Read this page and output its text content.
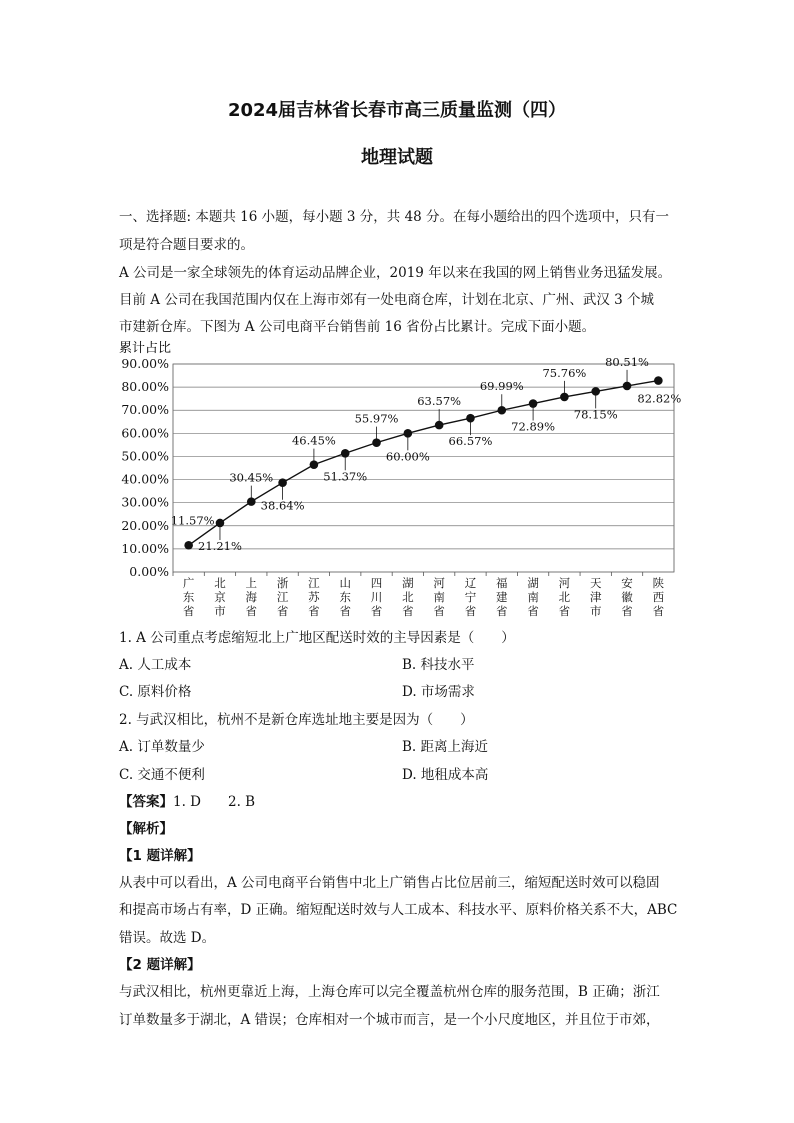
2024届吉林省长春市高三质量监测（四）
地理试题
一、选择题: 本题共 16 小题，每小题 3 分，共 48 分。在每小题给出的四个选项中，只有一
项是符合题目要求的。
A 公司是一家全球领先的体育运动品牌企业，2019 年以来在我国的网上销售业务迅猛发展。
目前 A 公司在我国范围内仅在上海市郊有一处电商仓库，计划在北京、广州、武汉 3 个城
市建新仓库。下图为 A 公司电商平台销售前 16 省份占比累计。完成下面小题。
累计占比
0.00%
10.00%
20.00%
30.00%
40.00%
50.00%
60.00%
70.00%
80.00%
90.00%
广东省
北京市
上海省
浙江省
江苏省
山东省
四川省
湖北省
河南省
辽宁省
福建省
湖南省
河北省
天津市
安徽省
陕西省
11.57%
21.21%
30.45%
38.64%
46.45%
51.37%
55.97%
60.00%
63.57%
66.57%
69.99%
72.89%
75.76%
78.15%
80.51%
82.82%
1. A 公司重点考虑缩短北上广地区配送时效的主导因素是（　　）
A. 人工成本	B. 科技水平
C. 原料价格	D. 市场需求
2. 与武汉相比，杭州不是新仓库选址地主要是因为（　　）
A. 订单数量少	B. 距离上海近
C. 交通不便利	D. 地租成本高
【答案】1. D　　2. B
【解析】
【1 题详解】
从表中可以看出，A 公司电商平台销售中北上广销售占比位居前三，缩短配送时效可以稳固
和提高市场占有率，D 正确。缩短配送时效与人工成本、科技水平、原料价格关系不大，ABC
错误。故选 D。
【2 题详解】
与武汉相比，杭州更靠近上海，上海仓库可以完全覆盖杭州仓库的服务范围，B 正确；浙江
订单数量多于湖北，A 错误；仓库相对一个城市而言，是一个小尺度地区，并且位于市郊，
